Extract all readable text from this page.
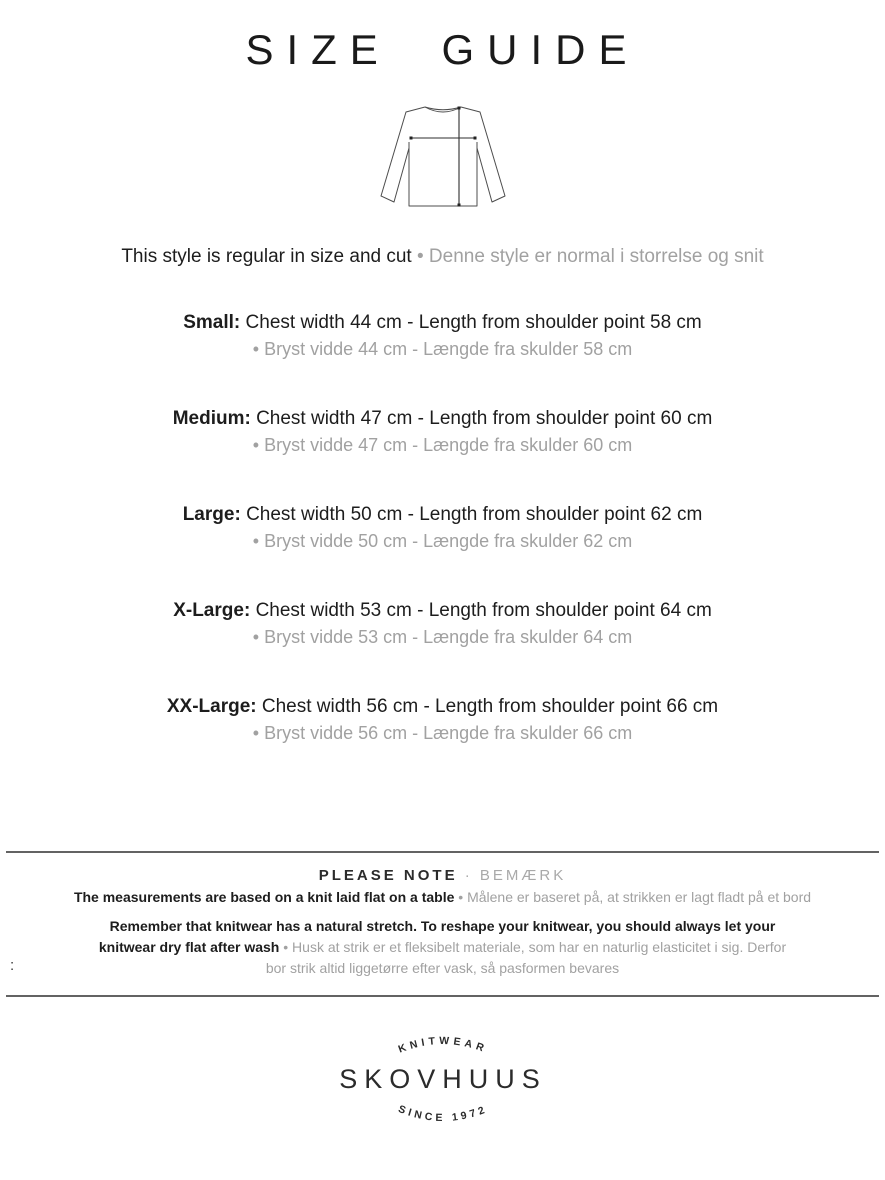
SIZE GUIDE

This style is regular in size and cut • Denne style er normal i storrelse og snit

Small: Chest width 44 cm - Length from shoulder point 58 cm

• Bryst vidde 44 cm - Længde fra skulder 58 cm

Medium: Chest width 47 cm - Length from shoulder point 60 cm

• Bryst vidde 47 cm - Længde fra skulder 60 cm

Large: Chest width 50 cm - Length from shoulder point 62 cm

• Bryst vidde 50 cm - Længde fra skulder 62 cm

X-Large: Chest width 53 cm - Length from shoulder point 64 cm

• Bryst vidde 53 cm - Længde fra skulder 64 cm

XX-Large: Chest width 56 cm - Length from shoulder point 66 cm

• Bryst vidde 56 cm - Længde fra skulder 66 cm

PLEASE NOTE · BEMÆRK

The measurements are based on a knit laid flat on a table • Målene er baseret på, at strikken er lagt fladt på et bord

Remember that knitwear has a natural stretch. To reshape your knitwear, you should always let your knitwear dry flat after wash • Husk at strik er et fleksibelt materiale, som har en naturlig elasticitet i sig. Derfor bor strik altid liggetørre efter vask, så pasformen bevares

KNITWEAR
SKOVHUUS
SINCE 1972
:
